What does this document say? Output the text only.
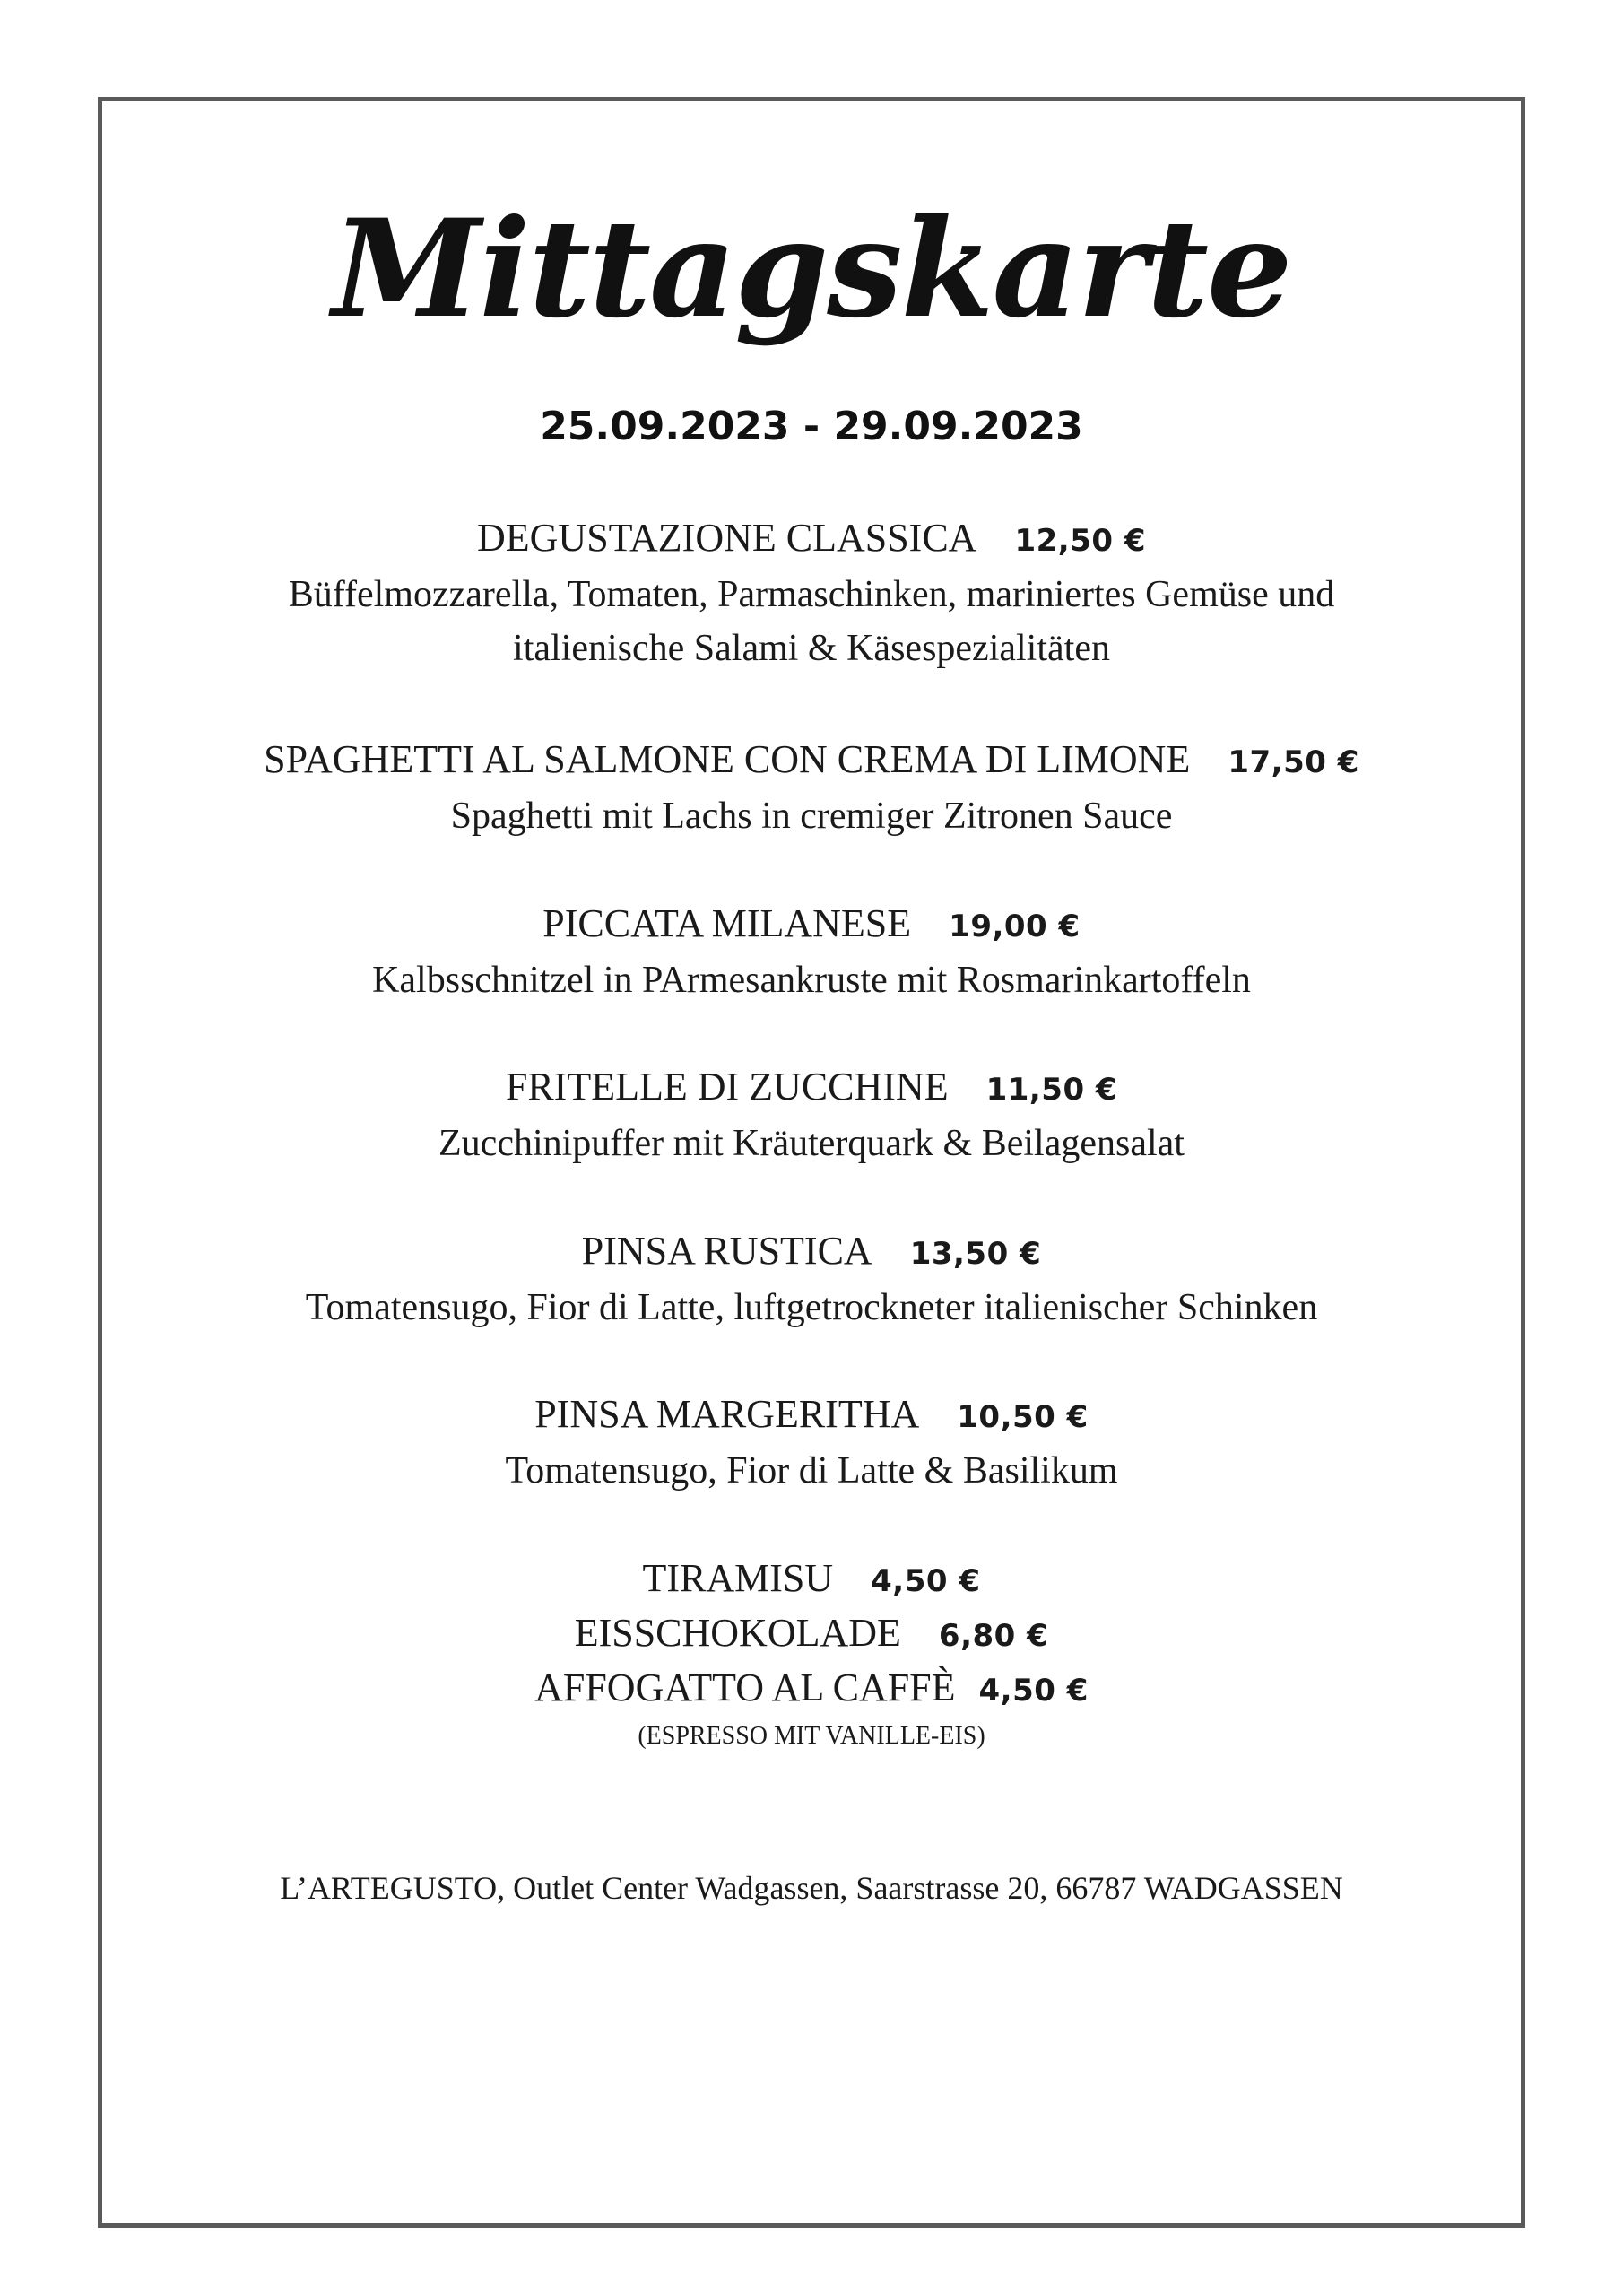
Mittagskarte
25.09.2023 - 29.09.2023
DEGUSTAZIONE CLASSICA 12,50 €
Büffelmozzarella, Tomaten, Parmaschinken, mariniertes Gemüse und
italienische Salami & Käsespezialitäten
SPAGHETTI AL SALMONE CON CREMA DI LIMONE 17,50 €
Spaghetti mit Lachs in cremiger Zitronen Sauce
PICCATA MILANESE 19,00 €
Kalbsschnitzel in PArmesankruste mit Rosmarinkartoffeln
FRITELLE DI ZUCCHINE 11,50 €
Zucchinipuffer mit Kräuterquark & Beilagensalat
PINSA RUSTICA 13,50 €
Tomatensugo, Fior di Latte, luftgetrockneter italienischer Schinken
PINSA MARGERITHA 10,50 €
Tomatensugo, Fior di Latte & Basilikum
TIRAMISU 4,50 €
EISSCHOKOLADE 6,80 €
AFFOGATTO AL CAFFÈ 4,50 €
(ESPRESSO MIT VANILLE-EIS)
L’ARTEGUSTO, Outlet Center Wadgassen, Saarstrasse 20, 66787 WADGASSEN
